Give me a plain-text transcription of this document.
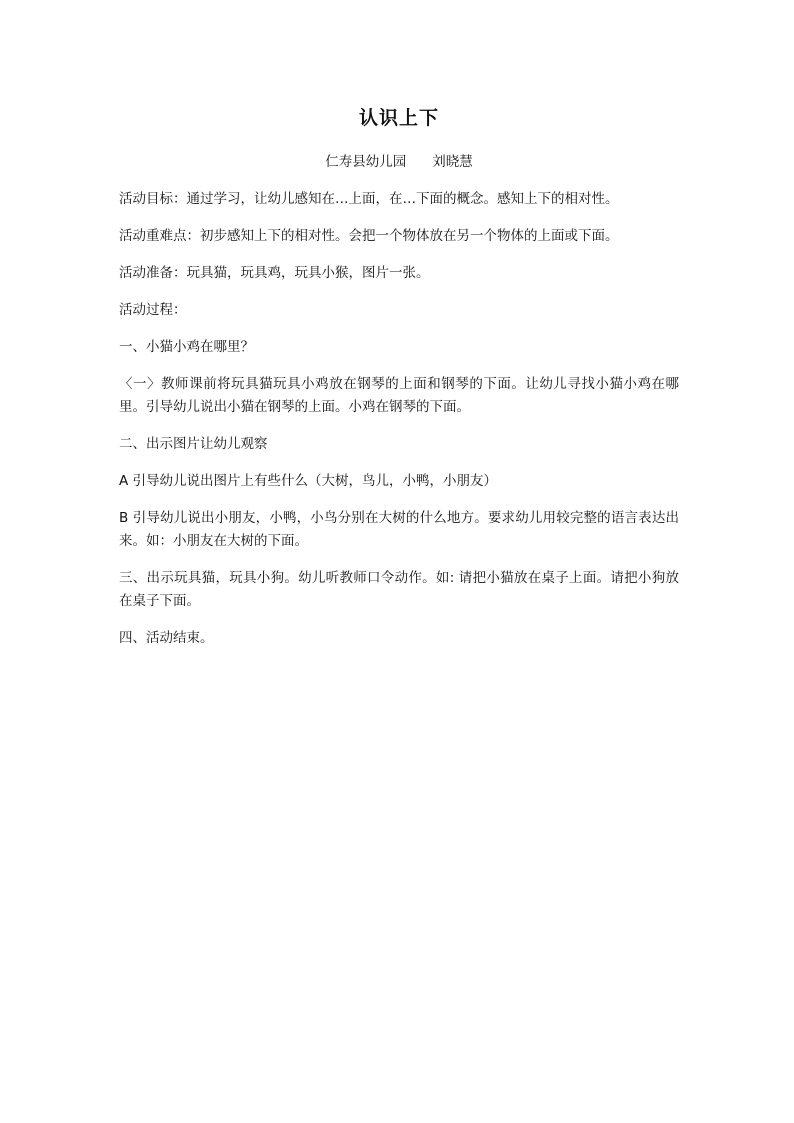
认识上下
仁寿县幼儿园 刘晓慧

活动目标：通过学习，让幼儿感知在…上面，在…下面的概念。感知上下的相对性。

活动重难点：初步感知上下的相对性。会把一个物体放在另一个物体的上面或下面。

活动准备：玩具猫，玩具鸡，玩具小猴，图片一张。

活动过程：

一、小猫小鸡在哪里？

〈一〉教师课前将玩具猫玩具小鸡放在钢琴的上面和钢琴的下面。让幼儿寻找小猫小鸡在哪里。引导幼儿说出小猫在钢琴的上面。小鸡在钢琴的下面。

二、出示图片让幼儿观察

A 引导幼儿说出图片上有些什么（大树，鸟儿，小鸭，小朋友）

B 引导幼儿说出小朋友，小鸭，小鸟分别在大树的什么地方。要求幼儿用较完整的语言表达出来。如：小朋友在大树的下面。

三、出示玩具猫，玩具小狗。幼儿听教师口令动作。如: 请把小猫放在桌子上面。请把小狗放在桌子下面。

四、活动结束。
